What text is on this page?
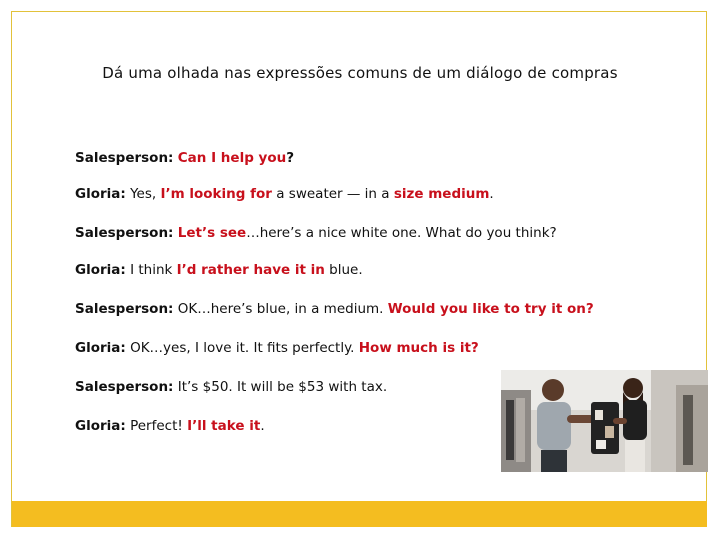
Dá uma olhada nas expressões comuns de um diálogo de compras
Salesperson: Can I help you?
Gloria: Yes, I’m looking for a sweater — in a size medium.
Salesperson: Let’s see…here’s a nice white one. What do you think?
Gloria: I think I’d rather have it in blue.
Salesperson: OK…here’s blue, in a medium. Would you like to try it on?
Gloria: OK…yes, I love it. It fits perfectly. How much is it?
Salesperson: It’s $50. It will be $53 with tax.
Gloria: Perfect! I’ll take it.
